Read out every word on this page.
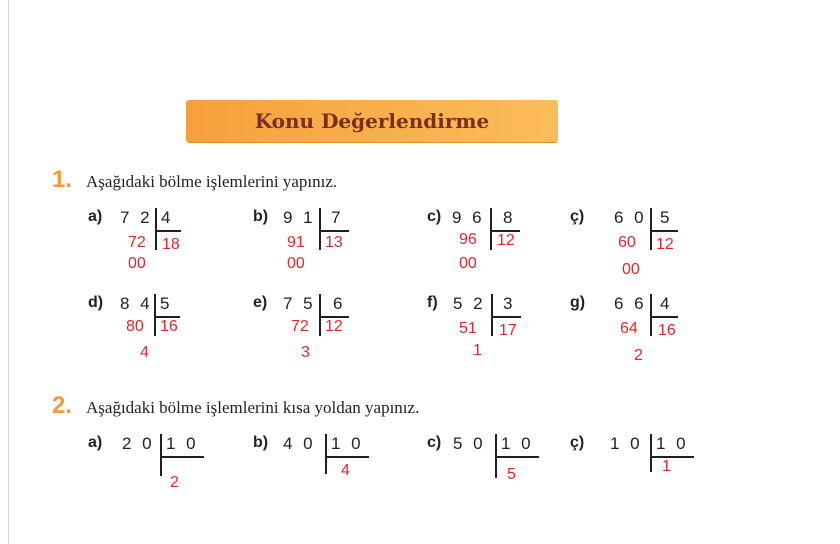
Konu Değerlendirme
1. Aşağıdaki bölme işlemlerini yapınız.
a) 7 2 4
72 18
00
b) 9 1 7
91 13
00
c) 9 6 8
96 12
00
ç) 6 0 5
60 12
00
d) 8 4 5
80 16
4
e) 7 5 6
72 12
3
f) 5 2 3
51 17
1
g) 6 6 4
64 16
2
2. Aşağıdaki bölme işlemlerini kısa yoldan yapınız.
a) 2 0 1 0
2
b) 4 0 1 0
4
c) 5 0 1 0
5
ç) 1 0 1 0
1
